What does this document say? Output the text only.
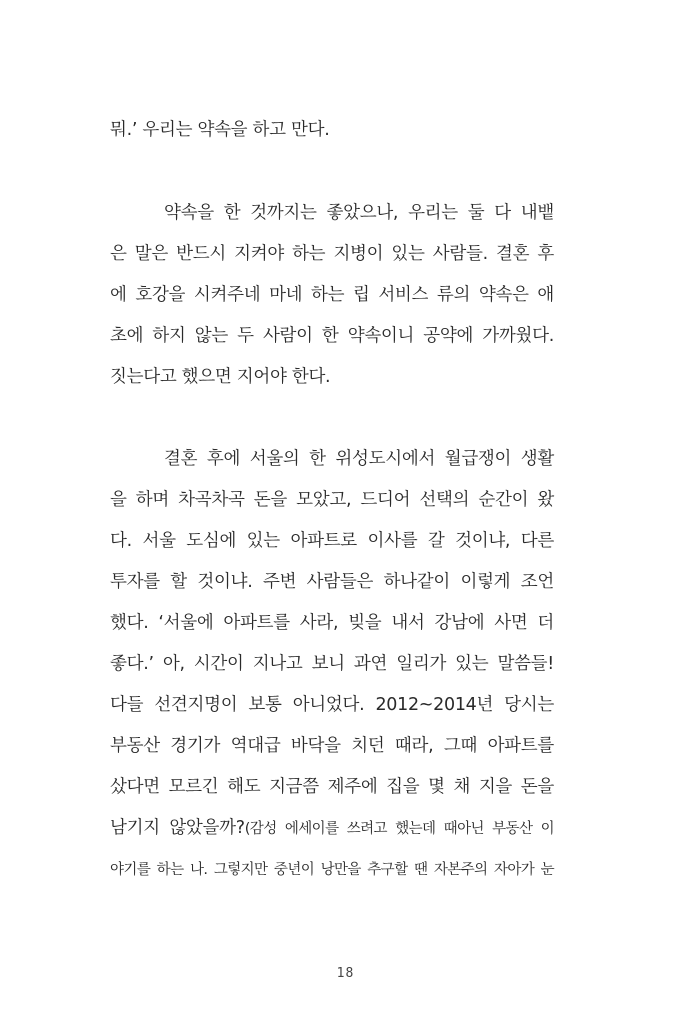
뭐.’ 우리는 약속을 하고 만다.
약속을 한 것까지는 좋았으나, 우리는 둘 다 내뱉
은 말은 반드시 지켜야 하는 지병이 있는 사람들. 결혼 후
에 호강을 시켜주네 마네 하는 립 서비스 류의 약속은 애
초에 하지 않는 두 사람이 한 약속이니 공약에 가까웠다.
짓는다고 했으면 지어야 한다.
결혼 후에 서울의 한 위성도시에서 월급쟁이 생활
을 하며 차곡차곡 돈을 모았고, 드디어 선택의 순간이 왔
다. 서울 도심에 있는 아파트로 이사를 갈 것이냐, 다른
투자를 할 것이냐. 주변 사람들은 하나같이 이렇게 조언
했다. ‘서울에 아파트를 사라, 빚을 내서 강남에 사면 더
좋다.’ 아, 시간이 지나고 보니 과연 일리가 있는 말씀들!
다들 선견지명이 보통 아니었다. 2012~2014년 당시는
부동산 경기가 역대급 바닥을 치던 때라, 그때 아파트를
샀다면 모르긴 해도 지금쯤 제주에 집을 몇 채 지을 돈을
남기지 않았을까?(감성 에세이를 쓰려고 했는데 때아닌 부동산 이
야기를 하는 나. 그렇지만 중년이 낭만을 추구할 땐 자본주의 자아가 눈
18
